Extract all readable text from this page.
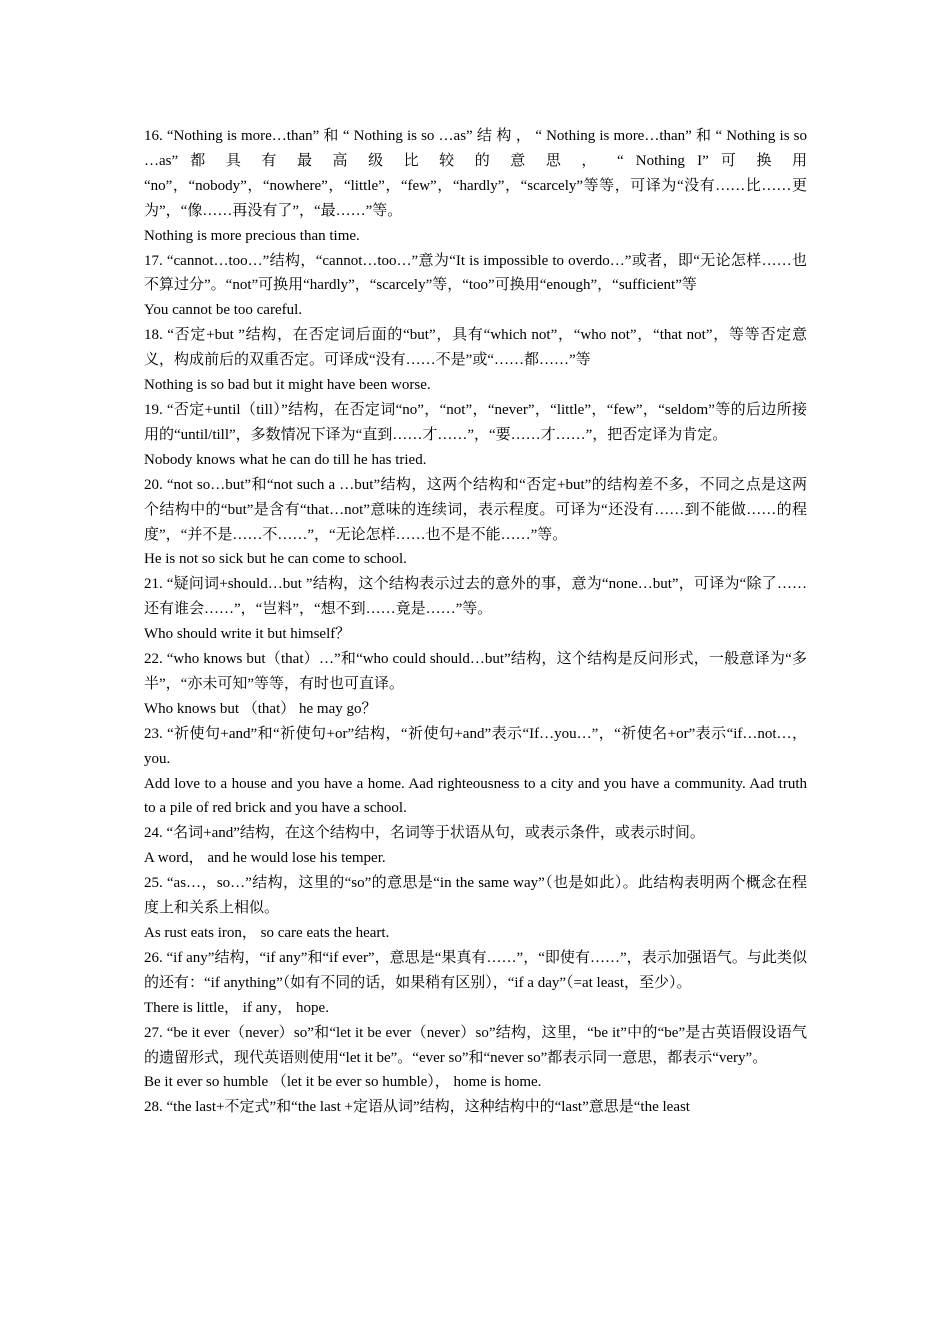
16. “Nothing is more…than” 和 “ Nothing is so …as” 结 构 ， “ Nothing is more…than” 和 “ Nothing is so …as” 都 具 有 最 高 级 比 较 的 意 思 ， “ Nothing I” 可 换 用 “no”，“nobody”，“nowhere”，“little”，“few”，“hardly”，“scarcely”等等，可译为“没有……比……更为”，“像……再没有了”，“最……”等。

Nothing is more precious than time.

17. “cannot…too…”结构，“cannot…too…”意为“It is impossible to overdo…”或者，即“无论怎样……也不算过分”。“not”可换用“hardly”，“scarcely”等，“too”可换用“enough”，“sufficient”等

You cannot be too careful.

18. “否定+but ”结构，在否定词后面的“but”，具有“which not”，“who not”，“that not”，等等否定意义，构成前后的双重否定。可译成“没有……不是”或“……都……”等

Nothing is so bad but it might have been worse.

19. “否定+until（till）”结构，在否定词“no”，“not”，“never”，“little”，“few”，“seldom”等的后边所接用的“until/till”，多数情况下译为“直到……才……”，“要……才……”，把否定译为肯定。

Nobody knows what he can do till he has tried.

20. “not so…but”和“not such a …but”结构，这两个结构和“否定+but”的结构差不多，不同之点是这两个结构中的“but”是含有“that…not”意味的连续词，表示程度。可译为“还没有……到不能做……的程度”，“并不是……不……”，“无论怎样……也不是不能……”等。

He is not so sick but he can come to school.

21. “疑问词+should…but ”结构，这个结构表示过去的意外的事，意为“none…but”，可译为“除了……还有谁会……”，“岂料”，“想不到……竟是……”等。

Who should write it but himself？

22. “who knows but（that）…”和“who could should…but”结构，这个结构是反问形式，一般意译为“多半”，“亦未可知”等等，有时也可直译。

Who knows but （that） he may go？

23. “祈使句+and”和“祈使句+or”结构，“祈使句+and”表示“If…you…”，“祈使名+or”表示“if…not…，you.

Add love to a house and you have a home. Aad righteousness to a city and you have a community. Aad truth to a pile of red brick and you have a school.

24. “名词+and”结构，在这个结构中，名词等于状语从句，或表示条件，或表示时间。

A word， and he would lose his temper.

25. “as…，so…”结构，这里的“so”的意思是“in the same way”（也是如此）。此结构表明两个概念在程度上和关系上相似。

As rust eats iron， so care eats the heart.

26. “if any”结构，“if any”和“if ever”，意思是“果真有……”，“即使有……”，表示加强语气。与此类似的还有：“if anything”（如有不同的话，如果稍有区别），“if a day”（=at least，至少）。

There is little， if any， hope.

27. “be it ever（never）so”和“let it be ever（never）so”结构，这里，“be it”中的“be”是古英语假设语气的遗留形式，现代英语则使用“let it be”。“ever so”和“never so”都表示同一意思，都表示“very”。

Be it ever so humble （let it be ever so humble）， home is home.

28. “the last+不定式”和“the last +定语从词”结构，这种结构中的“last”意思是“the least
